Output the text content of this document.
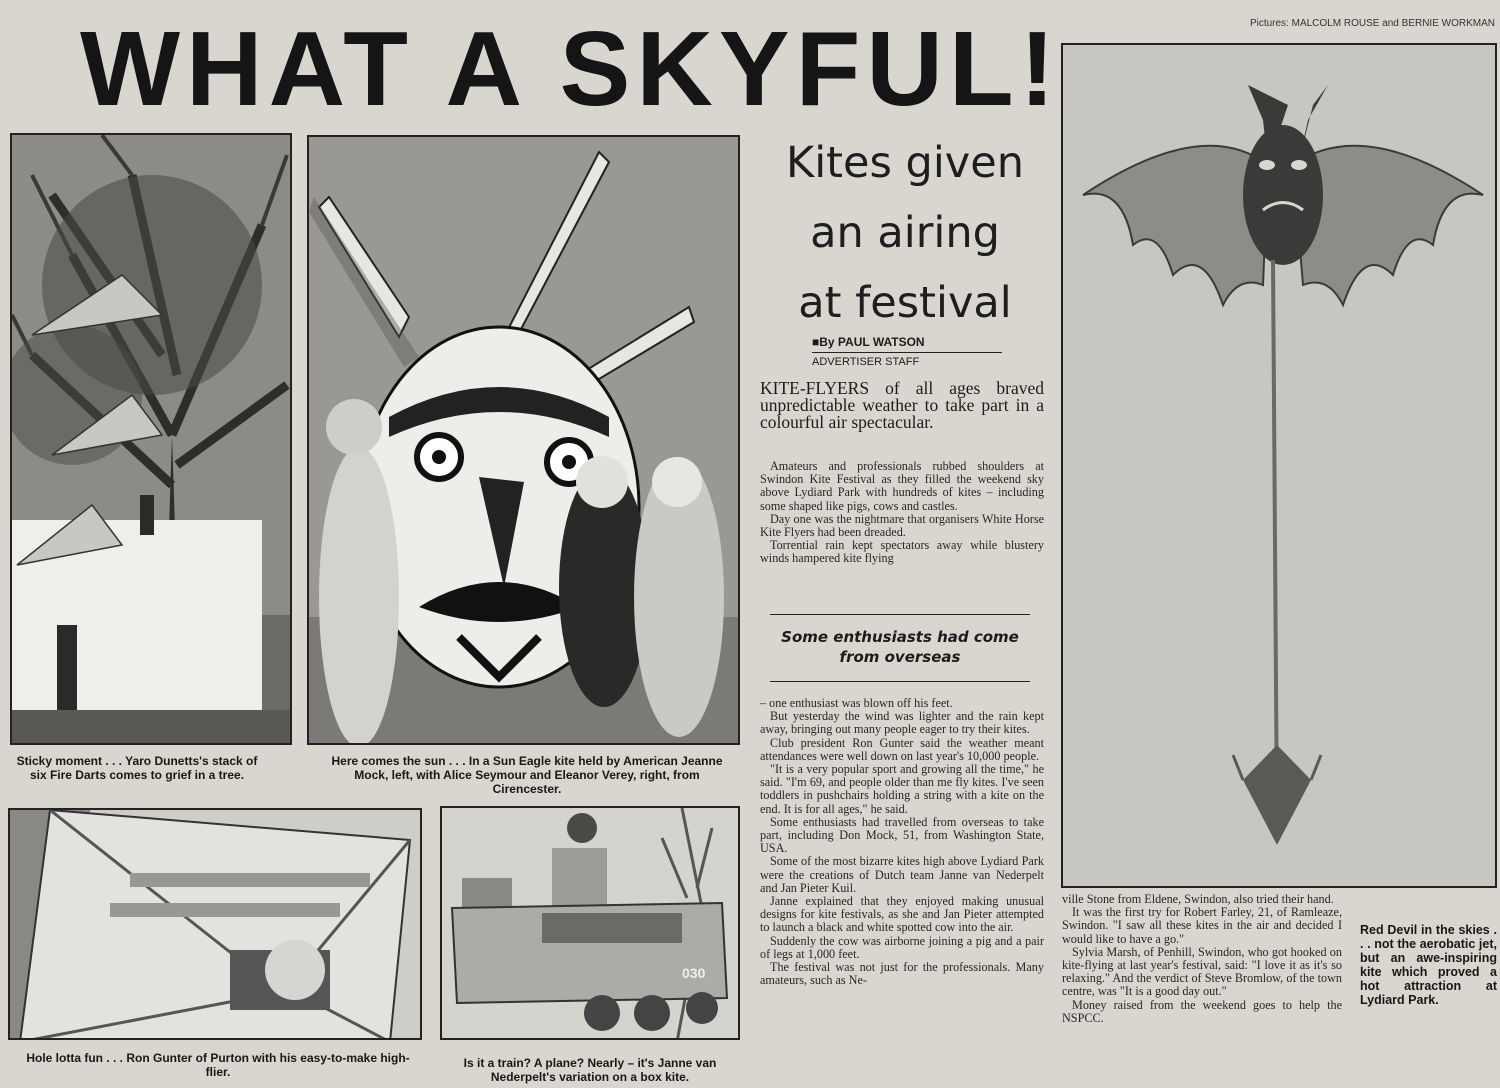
Pictures: MALCOLM ROUSE and BERNIE WORKMAN
WHAT A SKYFUL!
Kites given
an airing
at festival
■By PAUL WATSON
ADVERTISER STAFF
KITE-FLYERS of all ages braved unpredictable weather to take part in a colourful air spectacular.

Amateurs and professionals rubbed shoulders at Swindon Kite Festival as they filled the weekend sky above Lydiard Park with hundreds of kites – including some shaped like pigs, cows and castles.

Day one was the nightmare that organisers White Horse Kite Flyers had been dreaded.

Torrential rain kept spectators away while blustery winds hampered kite flying

Some enthusiasts had come from overseas

– one enthusiast was blown off his feet.

But yesterday the wind was lighter and the rain kept away, bringing out many people eager to try their kites.

Club president Ron Gunter said the weather meant attendances were well down on last year's 10,000 people.

"It is a very popular sport and growing all the time," he said. "I'm 69, and people older than me fly kites. I've seen toddlers in pushchairs holding a string with a kite on the end. It is for all ages," he said.

Some enthusiasts had travelled from overseas to take part, including Don Mock, 51, from Washington State, USA.

Some of the most bizarre kites high above Lydiard Park were the creations of Dutch team Janne van Nederpelt and Jan Pieter Kuil.

Janne explained that they enjoyed making unusual designs for kite festivals, as she and Jan Pieter attempted to launch a black and white spotted cow into the air.

Suddenly the cow was airborne joining a pig and a pair of legs at 1,000 feet.

The festival was not just for the professionals. Many amateurs, such as Ne-

ville Stone from Eldene, Swindon, also tried their hand.

It was the first try for Robert Farley, 21, of Ramleaze, Swindon. "I saw all these kites in the air and decided I would like to have a go."

Sylvia Marsh, of Penhill, Swindon, who got hooked on kite-flying at last year's festival, said: "I love it as it's so relaxing." And the verdict of Steve Bromlow, of the town centre, was "It is a good day out."

Money raised from the weekend goes to help the NSPCC.

030
Sticky moment . . . Yaro Dunetts's stack of six Fire Darts comes to grief in a tree.
Here comes the sun . . . In a Sun Eagle kite held by American Jeanne Mock, left, with Alice Seymour and Eleanor Verey, right, from Cirencester.
Hole lotta fun . . . Ron Gunter of Purton with his easy-to-make high-flier.
Is it a train? A plane? Nearly – it's Janne van Nederpelt's variation on a box kite.
Red Devil in the skies . . . not the aerobatic jet, but an awe-inspiring kite which proved a hot attraction at Lydiard Park.
